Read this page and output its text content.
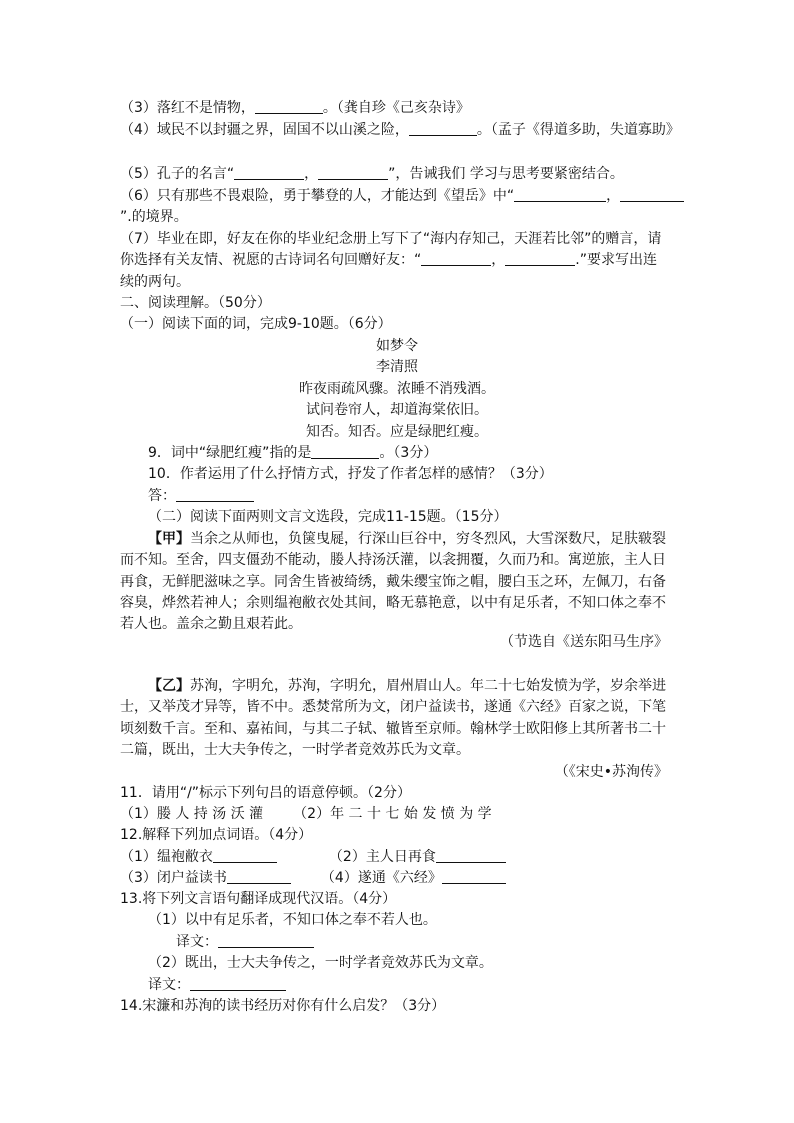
（3）落红不是情物，	。（龚自珍《己亥杂诗》
（4）域民不以封疆之界，固国不以山溪之险，	。（孟子《得道多助，失道寡助》
（5）孔子的名言“	，	”，告诫我们 学习与思考要紧密结合。
（6）只有那些不畏艰险，勇于攀登的人，才能达到《望岳》中“	，
”.的境界。
（7）毕业在即，好友在你的毕业纪念册上写下了“海内存知己，天涯若比邻”的赠言，请
你选择有关友情、祝愿的古诗词名句回赠好友：“	，	.”要求写出连
续的两句。
二、阅读理解。（50分）
（一）阅读下面的词，完成9-10题。（6分）
如梦令
李清照
昨夜雨疏风骤。浓睡不消残酒。
试问卷帘人，却道海棠依旧。
知否。知否。应是绿肥红瘦。
9．词中“绿肥红瘦”指的是	。（3分）
10．作者运用了什么抒情方式，抒发了作者怎样的感情？（3分）
答：
（二）阅读下面两则文言文选段，完成11-15题。（15分）
【甲】当余之从师也，负箧曳屣，行深山巨谷中，穷冬烈风，大雪深数尺，足肤皲裂
而不知。至舍，四支僵劲不能动，媵人持汤沃灌，以衾拥覆，久而乃和。寓逆旅，主人日
再食，无鲜肥滋味之享。同舍生皆被绮绣，戴朱缨宝饰之帽，腰白玉之环，左佩刀，右备
容臭，烨然若神人；余则缊袍敝衣处其间，略无慕艳意，以中有足乐者，不知口体之奉不
若人也。盖余之勤且艰若此。
（节选自《送东阳马生序》
【乙】苏洵，字明允，苏洵，字明允，眉州眉山人。年二十七始发愤为学，岁余举进
士，又举茂才异等，皆不中。悉焚常所为文，闭户益读书，遂通《六经》百家之说，下笔
顷刻数千言。至和、嘉祐间，与其二子轼、辙皆至京师。翰林学士欧阳修上其所著书二十
二篇，既出，士大夫争传之，一时学者竞效苏氏为文章。
（《宋史•苏洵传》
11．请用“/”标示下列句吕的语意停顿。（2分）
（1）媵 人 持 汤 沃 灌 （2）年 二 十 七 始 发 愤 为 学
12.解释下列加点词语。（4分）
（1）缊袍敝衣	（2）主人日再食
（3）闭户益读书	（4）遂通《六经》
13.将下列文言语句翻译成现代汉语。（4分）
（1）以中有足乐者，不知口体之奉不若人也。
译文：
（2）既出，士大夫争传之，一时学者竞效苏氏为文章。
译文：
14.宋濂和苏洵的读书经历对你有什么启发？（3分）
